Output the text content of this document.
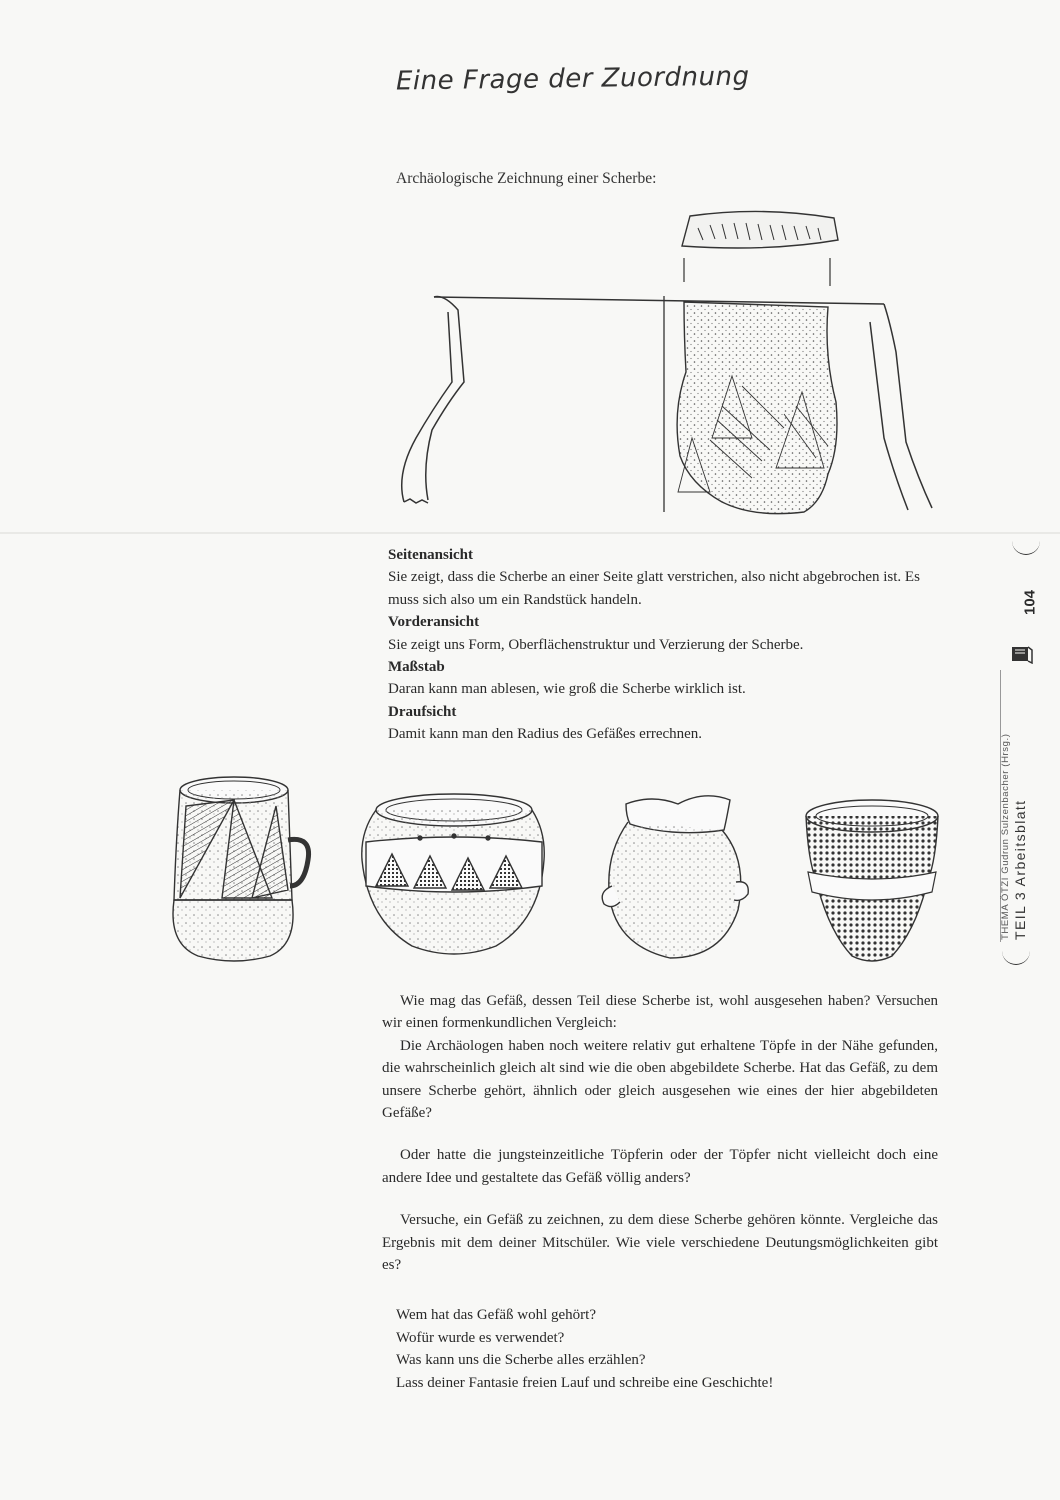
Eine Frage der Zuordnung
Archäologische Zeichnung einer Scherbe:
Seitenansicht
Sie zeigt, dass die Scherbe an einer Seite glatt verstrichen, also nicht abgebrochen ist. Es muss sich also um ein Randstück handeln.
Vorderansicht
Sie zeigt uns Form, Oberflächenstruktur und Verzierung der Scherbe.
Maßstab
Daran kann man ablesen, wie groß die Scherbe wirklich ist.
Draufsicht
Damit kann man den Radius des Gefäßes errechnen.

Wie mag das Gefäß, dessen Teil diese Scherbe ist, wohl ausgesehen haben? Versuchen wir einen formenkundlichen Vergleich:

Die Archäologen haben noch weitere relativ gut erhaltene Töpfe in der Nähe gefunden, die wahrscheinlich gleich alt sind wie die oben abgebildete Scherbe. Hat das Gefäß, zu dem unsere Scherbe gehört, ähnlich oder gleich ausgesehen wie eines der hier abgebildeten Gefäße?

Oder hatte die jungsteinzeitliche Töpferin oder der Töpfer nicht vielleicht doch eine andere Idee und gestaltete das Gefäß völlig anders?

Versuche, ein Gefäß zu zeichnen, zu dem diese Scherbe gehören könnte. Vergleiche das Ergebnis mit dem deiner Mitschüler. Wie viele verschiedene Deutungsmöglichkeiten gibt es?

Wem hat das Gefäß wohl gehört?
Wofür wurde es verwendet?
Was kann uns die Scherbe alles erzählen?
Lass deiner Fantasie freien Lauf und schreibe eine Geschichte!
104
THEMA ÖTZI Gudrun Sulzenbacher (Hrsg.) TEIL 3 Arbeitsblatt
